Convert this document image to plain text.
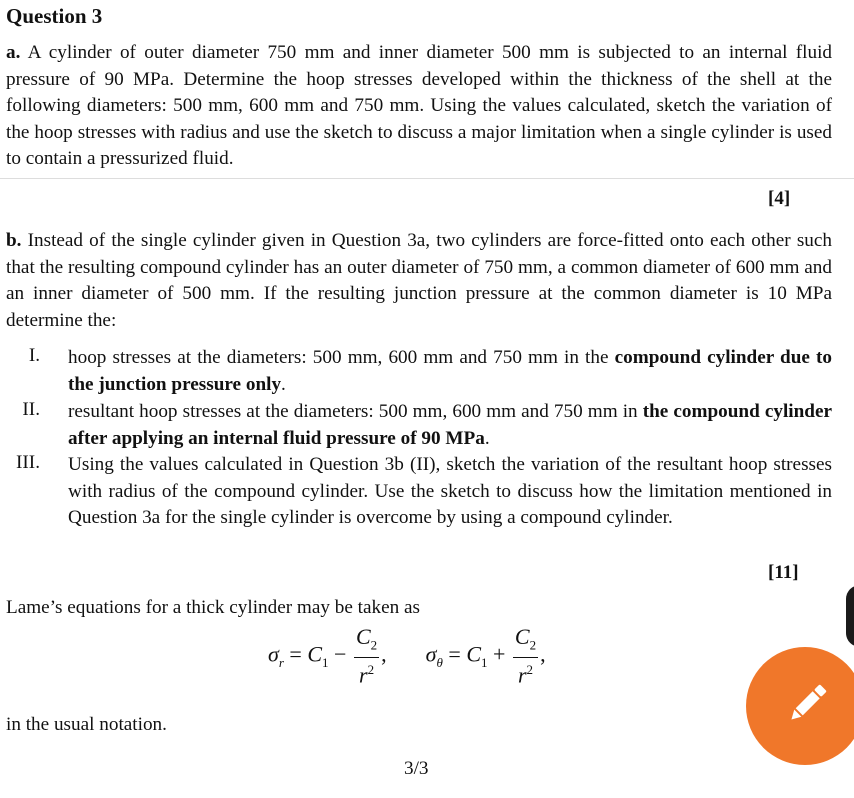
Question 3
a. A cylinder of outer diameter 750 mm and inner diameter 500 mm is subjected to an internal fluid pressure of 90 MPa. Determine the hoop stresses developed within the thickness of the shell at the following diameters: 500 mm, 600 mm and 750 mm. Using the values calculated, sketch the variation of the hoop stresses with radius and use the sketch to discuss a major limitation when a single cylinder is used to contain a pressurized fluid.
[4]
b. Instead of the single cylinder given in Question 3a, two cylinders are force-fitted onto each other such that the resulting compound cylinder has an outer diameter of 750 mm, a common diameter of 600 mm and an inner diameter of 500 mm. If the resulting junction pressure at the common diameter is 10 MPa determine the:
I. hoop stresses at the diameters: 500 mm, 600 mm and 750 mm in the compound cylinder due to the junction pressure only.
II. resultant hoop stresses at the diameters: 500 mm, 600 mm and 750 mm in the compound cylinder after applying an internal fluid pressure of 90 MPa.
III. Using the values calculated in Question 3b (II), sketch the variation of the resultant hoop stresses with radius of the compound cylinder. Use the sketch to discuss how the limitation mentioned in Question 3a for the single cylinder is overcome by using a compound cylinder.
[11]
Lame’s equations for a thick cylinder may be taken as
$\sigma_r = C_1 - \frac{C_2}{r^2}$ , $\sigma_\theta = C_1 + \frac{C_2}{r^2}$ ,
in the usual notation.
3/3
